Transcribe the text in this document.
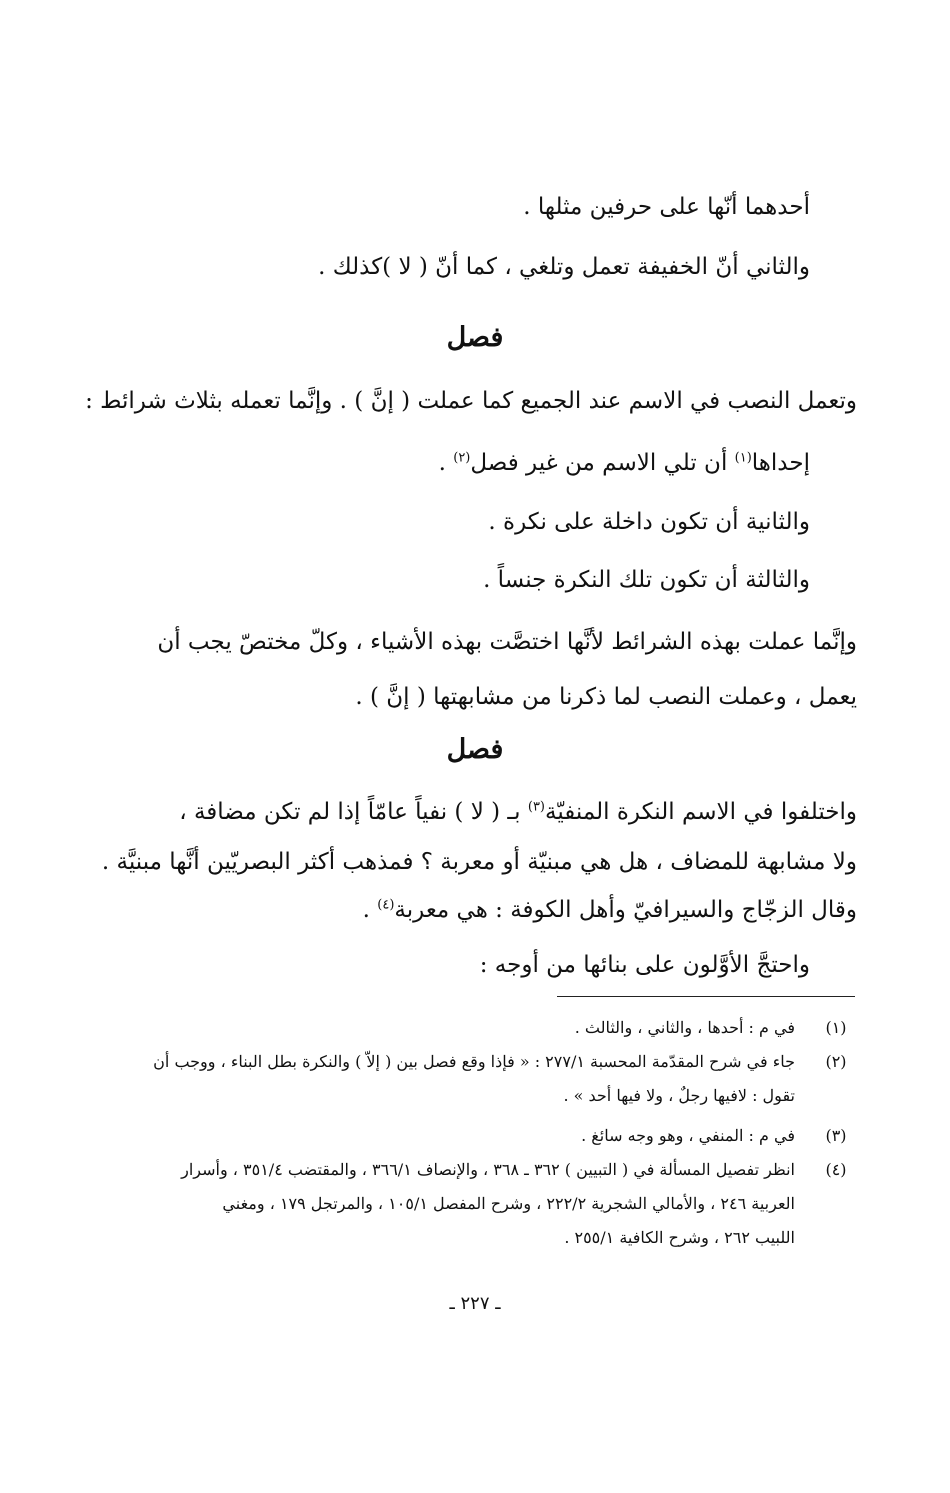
أحدهما أنّها على حرفين مثلها .
والثاني أنّ الخفيفة تعمل وتلغي ، كما أنّ ( لا )كذلك .
فصل
وتعمل النصب في الاسم عند الجميع كما عملت ( إنَّ ) . وإنَّما تعمله بثلاث شرائط :
إحداها$^{(١)}$ أن تلي الاسم من غير فصل$^{(٢)}$ .
والثانية أن تكون داخلة على نكرة .
والثالثة أن تكون تلك النكرة جنساً .
وإنَّما عملت بهذه الشرائط لأنَّها اختصَّت بهذه الأشياء ، وكلّ مختصّ يجب أن
يعمل ، وعملت النصب لما ذكرنا من مشابهتها ( إنَّ ) .
فصل
واختلفوا في الاسم النكرة المنفيّة$^{(٣)}$ بـ ( لا ) نفياً عامّاً إذا لم تكن مضافة ،
ولا مشابهة للمضاف ، هل هي مبنيّة أو معربة ؟ فمذهب أكثر البصريّين أنَّها مبنيَّة .
وقال الزجّاج والسيرافيّ وأهل الكوفة : هي معربة$^{(٤)}$ .
واحتجَّ الأوَّلون على بنائها من أوجه :
(١)
في م : أحدها ، والثاني ، والثالث .
(٢)
جاء في شرح المقدّمة المحسبة ٢٧٧/١ : « فإذا وقع فصل بين ( إلاّ ) والنكرة بطل البناء ، ووجب أن
تقول : لافيها رجلٌ ، ولا فيها أحد » .
(٣)
في م : المنفي ، وهو وجه سائغ .
(٤)
انظر تفصيل المسألة في ( التبيين ) ٣٦٢ ـ ٣٦٨ ، والإنصاف ٣٦٦/١ ، والمقتضب ٣٥١/٤ ، وأسرار
العربية ٢٤٦ ، والأمالي الشجرية ٢٢٢/٢ ، وشرح المفصل ١٠٥/١ ، والمرتجل ١٧٩ ، ومغني
اللبيب ٢٦٢ ، وشرح الكافية ٢٥٥/١ .
ـ ٢٢٧ ـ
